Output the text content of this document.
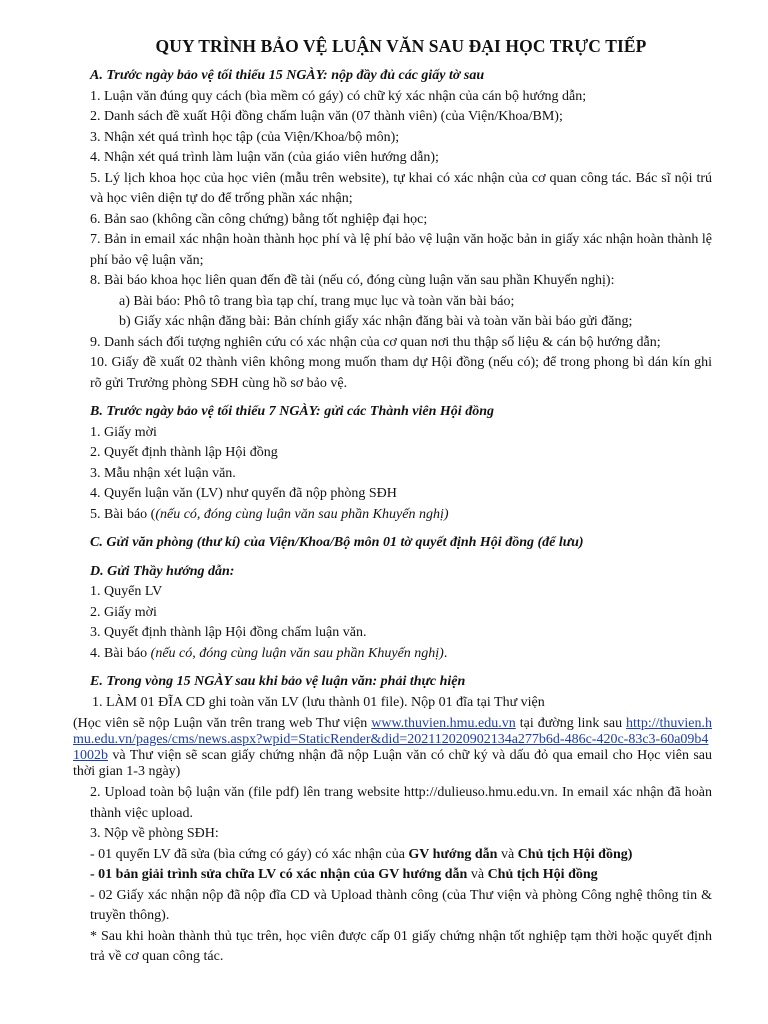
QUY TRÌNH BẢO VỆ LUẬN VĂN SAU ĐẠI HỌC TRỰC TIẾP

A. Trước ngày bảo vệ tối thiểu 15 NGÀY: nộp đầy đủ các giấy tờ sau

1. Luận văn đúng quy cách (bìa mềm có gáy) có chữ ký xác nhận của cán bộ hướng dẫn;

2. Danh sách đề xuất Hội đồng chấm luận văn (07 thành viên) (của Viện/Khoa/BM);

3. Nhận xét quá trình học tập (của Viện/Khoa/bộ môn);

4. Nhận xét quá trình làm luận văn (của giáo viên hướng dẫn);

5. Lý lịch khoa học của học viên (mẫu trên website), tự khai có xác nhận của cơ quan công tác. Bác sĩ nội trú và học viên diện tự do để trống phần xác nhận;

6. Bản sao (không cần công chứng) bằng tốt nghiệp đại học;

7. Bản in email xác nhận hoàn thành học phí và lệ phí bảo vệ luận văn hoặc bản in giấy xác nhận hoàn thành lệ phí bảo vệ luận văn;

8. Bài báo khoa học liên quan đến đề tài (nếu có, đóng cùng luận văn sau phần Khuyến nghị):

a) Bài báo: Phô tô trang bìa tạp chí, trang mục lục và toàn văn bài báo;

b) Giấy xác nhận đăng bài: Bản chính giấy xác nhận đăng bài và toàn văn bài báo gửi đăng;

9. Danh sách đối tượng nghiên cứu có xác nhận của cơ quan nơi thu thập số liệu & cán bộ hướng dẫn;

10. Giấy đề xuất 02 thành viên không mong muốn tham dự Hội đồng (nếu có); để trong phong bì dán kín ghi rõ gửi Trưởng phòng SĐH cùng hồ sơ bảo vệ.

B. Trước ngày bảo vệ tối thiểu 7 NGÀY: gửi các Thành viên Hội đồng

1. Giấy mời

2. Quyết định thành lập Hội đồng

3. Mẫu nhận xét luận văn.

4. Quyển luận văn (LV) như quyển đã nộp phòng SĐH

5. Bài báo ((nếu có, đóng cùng luận văn sau phần Khuyến nghị)

C. Gửi văn phòng (thư kí) của Viện/Khoa/Bộ môn 01 tờ quyết định Hội đồng (để lưu)

D. Gửi Thầy hướng dẫn:

1. Quyển LV

2. Giấy mời

3. Quyết định thành lập Hội đồng chấm luận văn.

4. Bài báo (nếu có, đóng cùng luận văn sau phần Khuyến nghị).

E. Trong vòng 15 NGÀY sau khi bảo vệ luận văn: phải thực hiện

1. LÀM 01 ĐĨA CD ghi toàn văn LV (lưu thành 01 file). Nộp 01 đĩa tại Thư viện

(Học viên sẽ nộp Luận văn trên trang web Thư viện www.thuvien.hmu.edu.vn tại đường link sau http://thuvien.hmu.edu.vn/pages/cms/news.aspx?wpid=StaticRender&did=202112020902134a277b6d-486c-420c-83c3-60a09b41002b và Thư viện sẽ scan giấy chứng nhận đã nộp Luận văn có chữ ký và dấu đỏ qua email cho Học viên sau thời gian 1-3 ngày)

2. Upload toàn bộ luận văn (file pdf) lên trang website http://dulieuso.hmu.edu.vn. In email xác nhận đã hoàn thành việc upload.

3. Nộp về phòng SĐH:

- 01 quyển LV đã sửa (bìa cứng có gáy) có xác nhận của GV hướng dẫn và Chủ tịch Hội đồng)

- 01 bản giải trình sửa chữa LV có xác nhận của GV hướng dẫn và Chủ tịch Hội đồng

- 02 Giấy xác nhận nộp đã nộp đĩa CD và Upload thành công (của Thư viện và phòng Công nghệ thông tin & truyền thông).

* Sau khi hoàn thành thủ tục trên, học viên được cấp 01 giấy chứng nhận tốt nghiệp tạm thời hoặc quyết định trả về cơ quan công tác.
